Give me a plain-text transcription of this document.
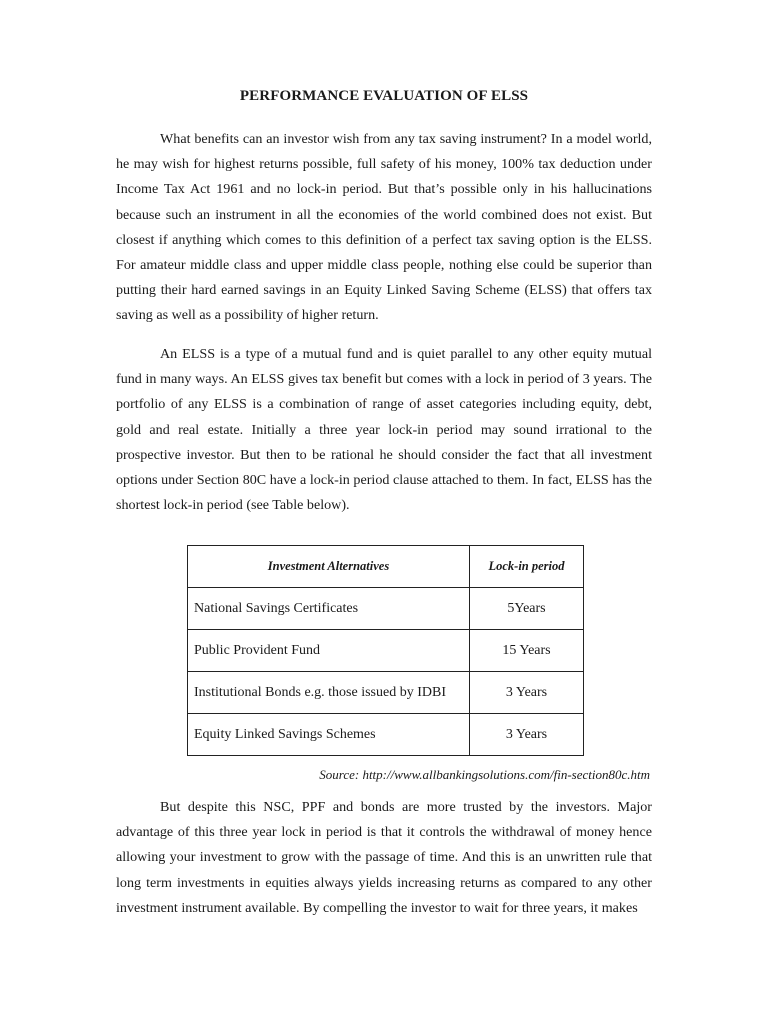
PERFORMANCE EVALUATION OF ELSS

What benefits can an investor wish from any tax saving instrument? In a model world, he may wish for highest returns possible, full safety of his money, 100% tax deduction under Income Tax Act 1961 and no lock-in period. But that’s possible only in his hallucinations because such an instrument in all the economies of the world combined does not exist. But closest if anything which comes to this definition of a perfect tax saving option is the ELSS. For amateur middle class and upper middle class people, nothing else could be superior than putting their hard earned savings in an Equity Linked Saving Scheme (ELSS) that offers tax saving as well as a possibility of higher return.

An ELSS is a type of a mutual fund and is quiet parallel to any other equity mutual fund in many ways. An ELSS gives tax benefit but comes with a lock in period of 3 years. The portfolio of any ELSS is a combination of range of asset categories including equity, debt, gold and real estate. Initially a three year lock-in period may sound irrational to the prospective investor. But then to be rational he should consider the fact that all investment options under Section 80C have a lock-in period clause attached to them. In fact, ELSS has the shortest lock-in period (see Table below).

Investment Alternatives	Lock-in period
National Savings Certificates	5Years
Public Provident Fund	15 Years
Institutional Bonds e.g. those issued by IDBI	3 Years
Equity Linked Savings Schemes	3 Years
Source: http://www.allbankingsolutions.com/fin-section80c.htm

But despite this NSC, PPF and bonds are more trusted by the investors. Major advantage of this three year lock in period is that it controls the withdrawal of money hence allowing your investment to grow with the passage of time. And this is an unwritten rule that long term investments in equities always yields increasing returns as compared to any other investment instrument available. By compelling the investor to wait for three years, it makes
